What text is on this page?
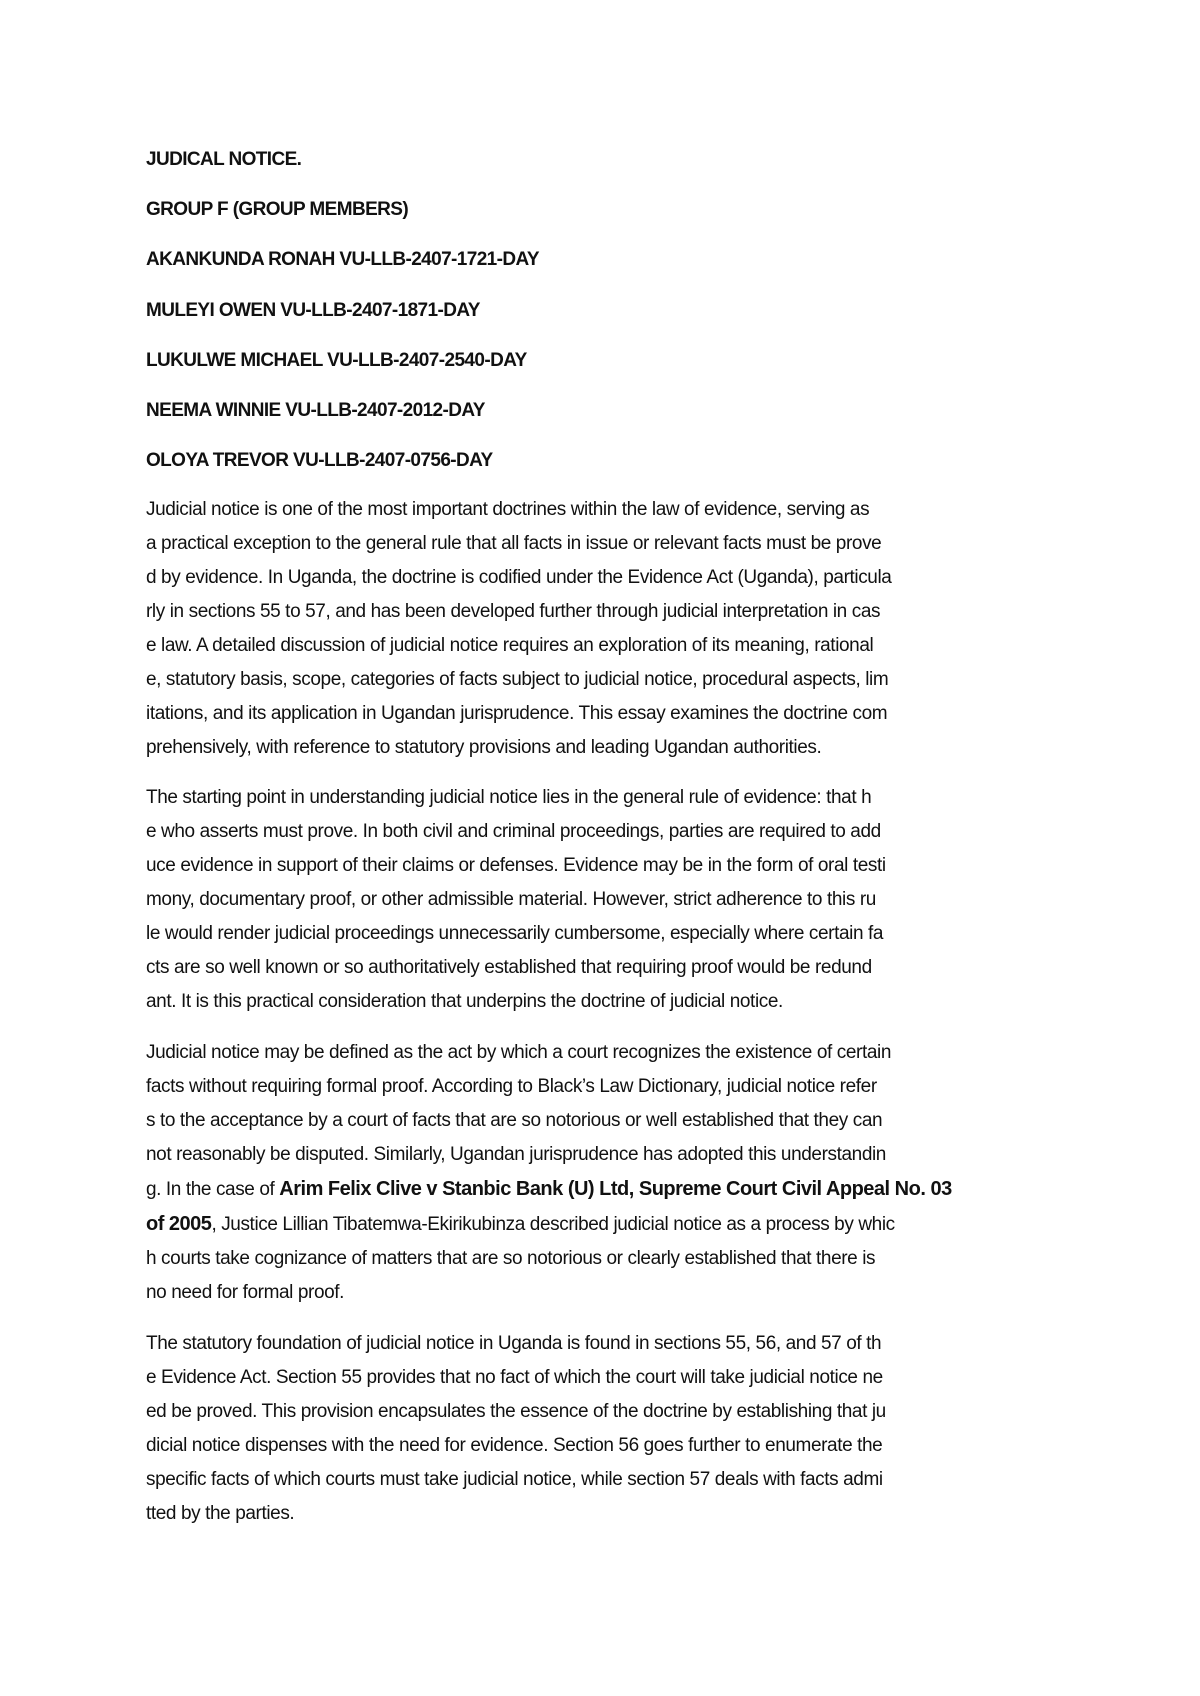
JUDICAL NOTICE.
GROUP F (GROUP MEMBERS)
AKANKUNDA RONAH VU-LLB-2407-1721-DAY
MULEYI OWEN VU-LLB-2407-1871-DAY
LUKULWE MICHAEL VU-LLB-2407-2540-DAY
NEEMA WINNIE VU-LLB-2407-2012-DAY
OLOYA TREVOR VU-LLB-2407-0756-DAY
Judicial notice is one of the most important doctrines within the law of evidence, serving as
a practical exception to the general rule that all facts in issue or relevant facts must be prove
d by evidence. In Uganda, the doctrine is codified under the Evidence Act (Uganda), particula
rly in sections 55 to 57, and has been developed further through judicial interpretation in cas
e law. A detailed discussion of judicial notice requires an exploration of its meaning, rational
e, statutory basis, scope, categories of facts subject to judicial notice, procedural aspects, lim
itations, and its application in Ugandan jurisprudence. This essay examines the doctrine com
prehensively, with reference to statutory provisions and leading Ugandan authorities.
The starting point in understanding judicial notice lies in the general rule of evidence: that h
e who asserts must prove. In both civil and criminal proceedings, parties are required to add
uce evidence in support of their claims or defenses. Evidence may be in the form of oral testi
mony, documentary proof, or other admissible material. However, strict adherence to this ru
le would render judicial proceedings unnecessarily cumbersome, especially where certain fa
cts are so well known or so authoritatively established that requiring proof would be redund
ant. It is this practical consideration that underpins the doctrine of judicial notice.
Judicial notice may be defined as the act by which a court recognizes the existence of certain
facts without requiring formal proof. According to Black’s Law Dictionary, judicial notice refer
s to the acceptance by a court of facts that are so notorious or well established that they can
not reasonably be disputed. Similarly, Ugandan jurisprudence has adopted this understandin
g. In the case of Arim Felix Clive v Stanbic Bank (U) Ltd, Supreme Court Civil Appeal No. 03
of 2005, Justice Lillian Tibatemwa-Ekirikubinza described judicial notice as a process by whic
h courts take cognizance of matters that are so notorious or clearly established that there is
no need for formal proof.
The statutory foundation of judicial notice in Uganda is found in sections 55, 56, and 57 of th
e Evidence Act. Section 55 provides that no fact of which the court will take judicial notice ne
ed be proved. This provision encapsulates the essence of the doctrine by establishing that ju
dicial notice dispenses with the need for evidence. Section 56 goes further to enumerate the
specific facts of which courts must take judicial notice, while section 57 deals with facts admi
tted by the parties.
